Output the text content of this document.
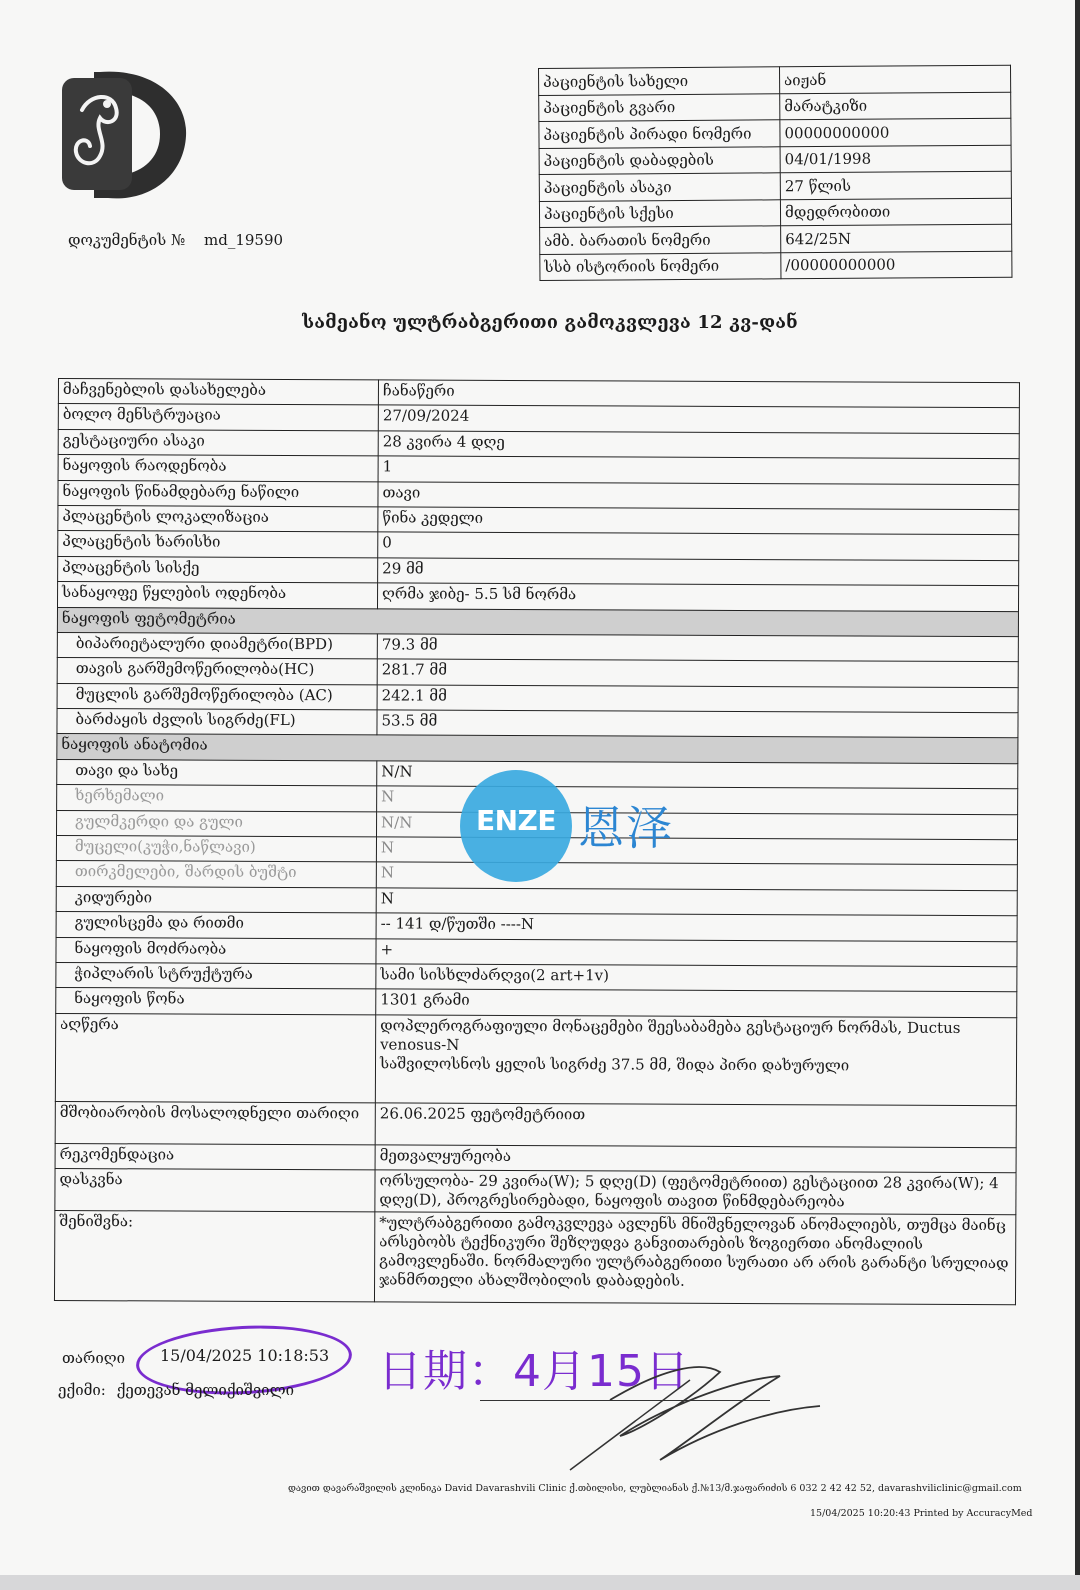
დოკუმენტის № md_19590
პაციენტის სახელი	აიჟან
პაციენტის გვარი	მარატკიზი
პაციენტის პირადი ნომერი	00000000000
პაციენტის დაბადების	04/01/1998
პაციენტის ასაკი	27 წლის
პაციენტის სქესი	მდედრობითი
ამბ. ბარათის ნომერი	642/25N
სსბ ისტორიის ნომერი	/00000000000
სამეანო ულტრაბგერითი გამოკვლევა 12 კვ-დან
მაჩვენებლის დასახელება	ჩანაწერი
ბოლო მენსტრუაცია	27/09/2024
გესტაციური ასაკი	28 კვირა 4 დღე
ნაყოფის რაოდენობა	1
ნაყოფის წინამდებარე ნაწილი	თავი
პლაცენტის ლოკალიზაცია	წინა კედელი
პლაცენტის ხარისხი	0
პლაცენტის სისქე	29 მმ
სანაყოფე წყლების ოდენობა	ღრმა ჯიბე- 5.5 სმ ნორმა
ნაყოფის ფეტომეტრია	
ბიპარიეტალური დიამეტრი(BPD)	79.3 მმ
თავის გარშემოწერილობა(HC)	281.7 მმ
მუცლის გარშემოწერილობა (AC)	242.1 მმ
ბარძაყის ძვლის სიგრძე(FL)	53.5 მმ
ნაყოფის ანატომია	
თავი და სახე	N/N
ხერხემალი	N
გულმკერდი და გული	N/N
მუცელი(კუჭი,ნაწლავი)	N
თირკმელები, შარდის ბუშტი	N
კიდურები	N
გულისცემა და რითმი	-- 141 დ/წუთში ----N
ნაყოფის მოძრაობა	+
ჭიპლარის სტრუქტურა	სამი სისხლძარღვი(2 art+1v)
ნაყოფის წონა	1301 გრამი
აღწერა	დოპლეროგრაფიული მონაცემები შეესაბამება გესტაციურ ნორმას, Ductus
venosus-N
საშვილოსნოს ყელის სიგრძე 37.5 მმ, შიდა პირი დახურული

მშობიარობის მოსალოდნელი თარიღი	26.06.2025 ფეტომეტრიით
რეკომენდაცია	მეთვალყურეობა
დასკვნა	ორსულობა- 29 კვირა(W); 5 დღე(D) (ფეტომეტრიით) გესტაციით 28 კვირა(W); 4 დღე(D), პროგრესირებადი, ნაყოფის თავით წინმდებარეობა
შენიშვნა:	*ულტრაბგერითი გამოკვლევა ავლენს მნიშვნელოვან ანომალიებს, თუმცა მაინც არსებობს ტექნიკური შეზღუდვა განვითარების ზოგიერთი ანომალიის გამოვლენაში. ნორმალური ულტრაბგერითი სურათი არ არის გარანტი სრულიად ჯანმრთელი ახალშობილის დაბადების.
ENZE 恩泽
თარიღი 15/04/2025 10:18:53 日期：4月15日
ექიმი: ქეთევან მელიქიშვილი
დავით დავარაშვილის კლინიკა David Davarashvili Clinic ქ.თბილისი, ლუბლიანას ქ.№13/მ.ჯაფარიძის 6 032 2 42 42 52, davarashviliclinic@gmail.com
15/04/2025 10:20:43 Printed by AccuracyMed
